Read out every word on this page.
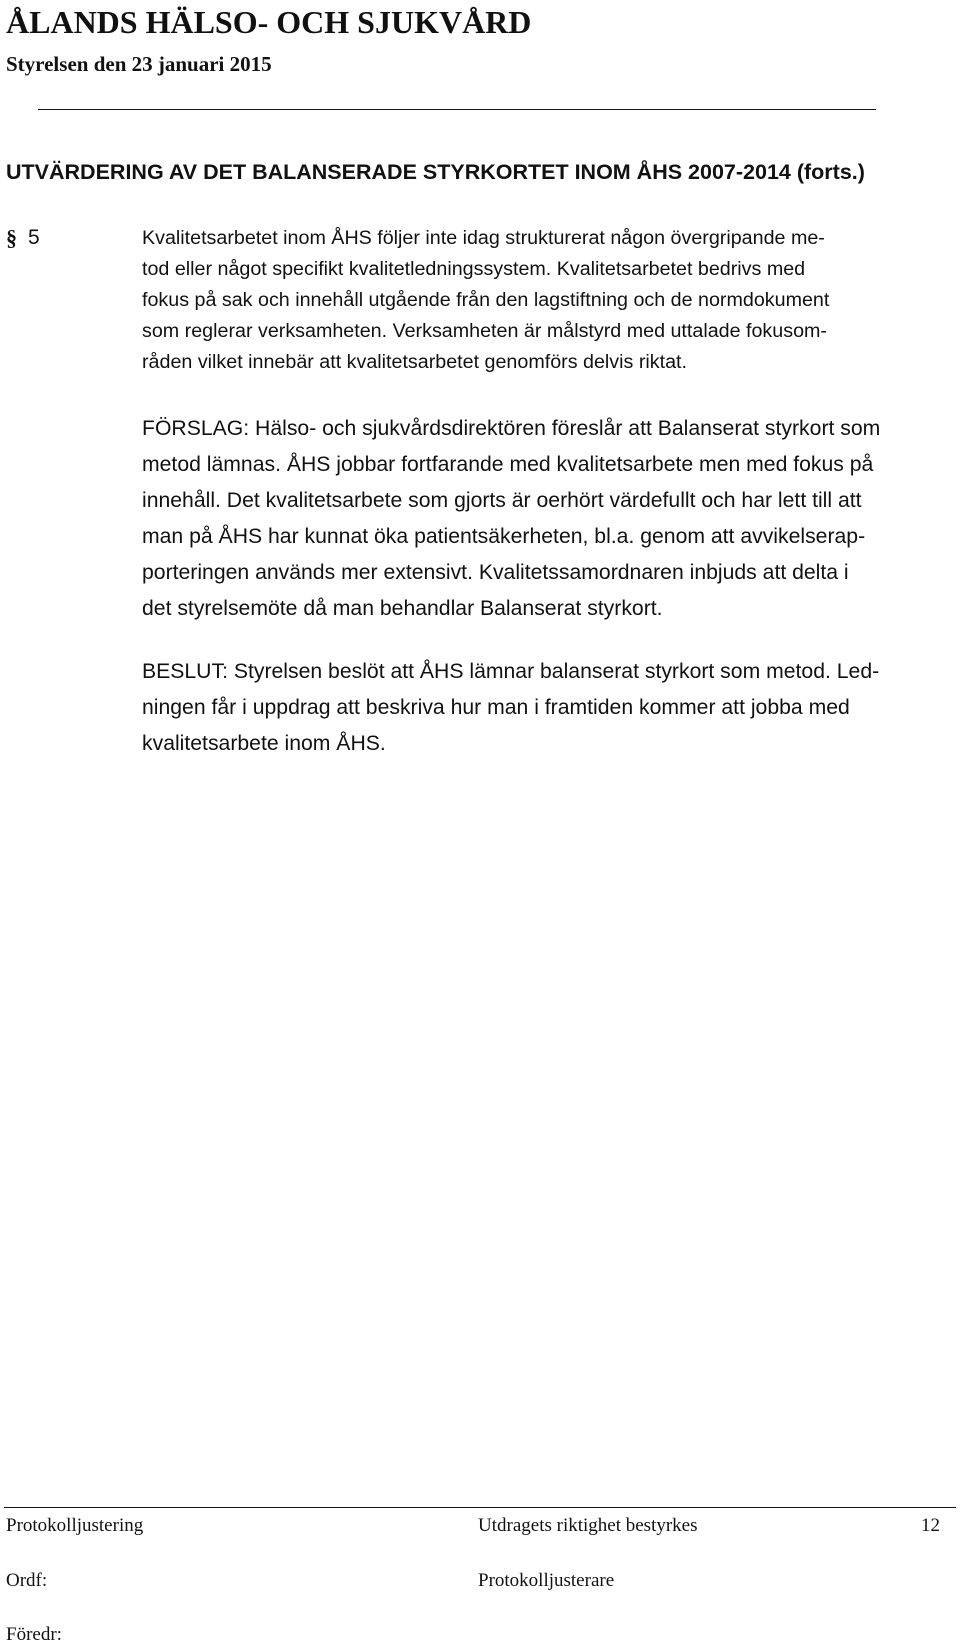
ÅLANDS HÄLSO- OCH SJUKVÅRD
Styrelsen den 23 januari 2015
UTVÄRDERING AV DET BALANSERADE STYRKORTET INOM ÅHS 2007-2014 (forts.)
§ 5	Kvalitetsarbetet inom ÅHS följer inte idag strukturerat någon övergripande me-
tod eller något specifikt kvalitetledningssystem. Kvalitetsarbetet bedrivs med
fokus på sak och innehåll utgående från den lagstiftning och de normdokument
som reglerar verksamheten. Verksamheten är målstyrd med uttalade fokusom-
råden vilket innebär att kvalitetsarbetet genomförs delvis riktat.
FÖRSLAG: Hälso- och sjukvårdsdirektören föreslår att Balanserat styrkort som
metod lämnas. ÅHS jobbar fortfarande med kvalitetsarbete men med fokus på
innehåll. Det kvalitetsarbete som gjorts är oerhört värdefullt och har lett till att
man på ÅHS har kunnat öka patientsäkerheten, bl.a. genom att avvikelserap-
porteringen används mer extensivt. Kvalitetssamordnaren inbjuds att delta i
det styrelsemöte då man behandlar Balanserat styrkort.
BESLUT: Styrelsen beslöt att ÅHS lämnar balanserat styrkort som metod. Led-
ningen får i uppdrag att beskriva hur man i framtiden kommer att jobba med
kvalitetsarbete inom ÅHS.
Protokolljustering	Utdragets riktighet bestyrkes	12
Ordf:	Protokolljusterare
Föredr:
